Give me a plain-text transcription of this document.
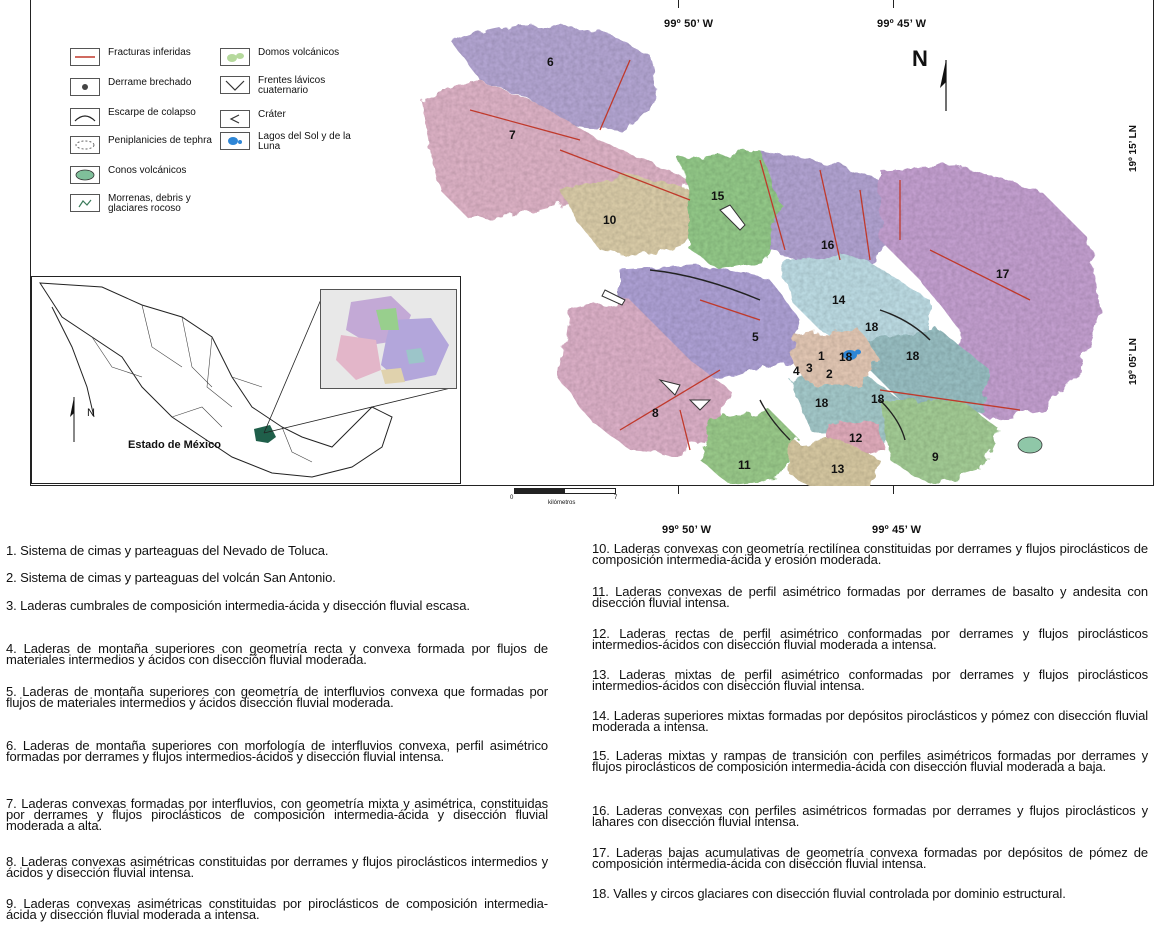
99º 50’ W	99º 45’ W
99º 50’ W	99º 45’ W
19º 15’ LN
19º 05’ LN
Fracturas inferidas
Derrame brechado
Escarpe de colapso
Peniplanicies de tephra
Conos volcánicos
Morrenas, debris y glaciares rocoso
Domos volcánicos
Frentes lávicos cuaternario
Cráter
Lagos del Sol y de la Luna
N
N
Estado de México
0	7
kilómetros
1
2
3
4
5
6
7
8
9
10
11
12
13
14
15
16
17
18
18
18	18
18
1. Sistema de cimas y parteaguas del Nevado de Toluca.
2. Sistema de cimas y parteaguas del volcán San Antonio.
3. Laderas cumbrales de composición intermedia-ácida y disección fluvial escasa.
4. Laderas de montaña superiores con geometría recta y convexa formada por flujos de materiales intermedios y ácidos con disección fluvial moderada.
5. Laderas de montaña superiores con geometría de interfluvios convexa que formadas por flujos de materiales intermedios y ácidos disección fluvial moderada.
6. Laderas de montaña superiores con morfología de interfluvios convexa, perfil asimétrico formadas por derrames y flujos intermedios-ácidos y disección fluvial intensa.
7. Laderas convexas formadas por interfluvios, con geometría mixta y asimétrica, constituidas por derrames y flujos piroclásticos de composición intermedia-ácida y disección fluvial moderada a alta.
8. Laderas convexas asimétricas constituidas por derrames y flujos piroclásticos intermedios y ácidos y disección fluvial intensa.
9. Laderas convexas asimétricas constituidas por piroclásticos de composición intermedia-ácida y disección fluvial moderada a intensa.
10. Laderas convexas con geometría rectilínea constituidas por derrames y flujos piroclásticos de composición intermedia-ácida y erosión moderada.
11. Laderas convexas de perfil asimétrico formadas por derrames de basalto y andesita con disección fluvial intensa.
12. Laderas rectas de perfil asimétrico conformadas por derrames y flujos piroclásticos intermedios-ácidos con disección fluvial moderada a intensa.
13. Laderas mixtas de perfil asimétrico conformadas por derrames y flujos piroclásticos intermedios-ácidos con disección fluvial intensa.
14. Laderas superiores mixtas formadas por depósitos piroclásticos y pómez con disección fluvial moderada a intensa.
15. Laderas mixtas y rampas de transición con perfiles asimétricos formadas por derrames y flujos piroclásticos de composición intermedia-ácida con disección fluvial moderada a baja.
16. Laderas convexas con perfiles asimétricos formadas por derrames y flujos piroclásticos y lahares con disección fluvial intensa.
17. Laderas bajas acumulativas de geometría convexa formadas por depósitos de pómez de composición intermedia-ácida con disección fluvial intensa.
18. Valles y circos glaciares con disección fluvial controlada por dominio estructural.
